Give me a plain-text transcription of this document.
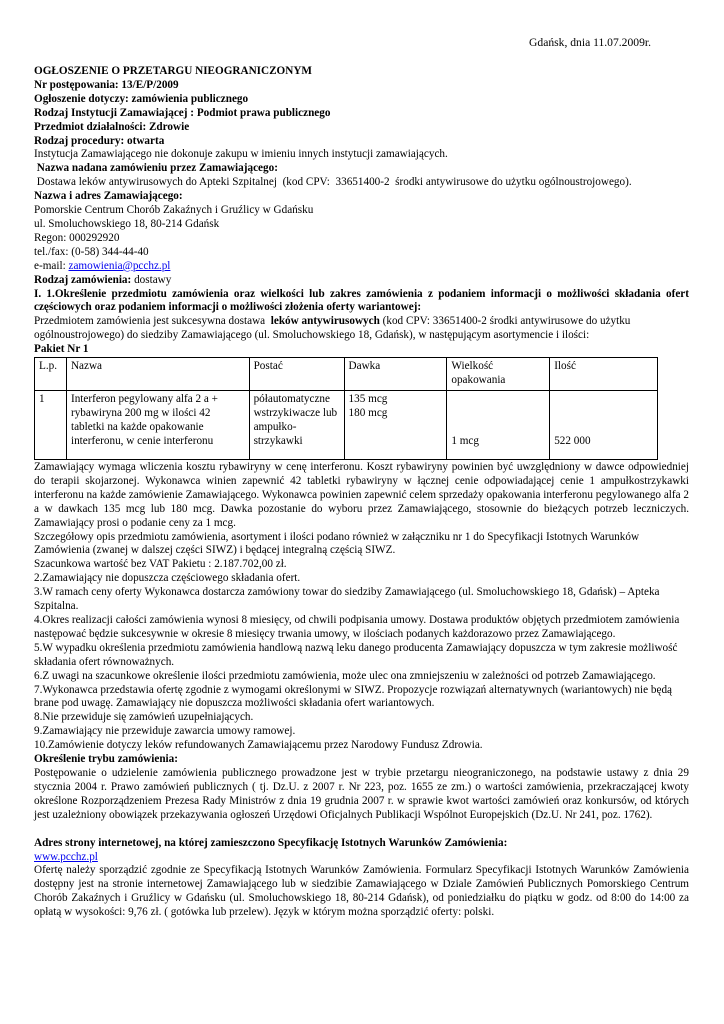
Gdańsk, dnia 11.07.2009r.

OGŁOSZENIE O PRZETARGU NIEOGRANICZONYM

Nr postępowania: 13/E/P/2009

Ogłoszenie dotyczy: zamówienia publicznego

Rodzaj Instytucji Zamawiającej : Podmiot prawa publicznego

Przedmiot działalności: Zdrowie

Rodzaj procedury: otwarta

Instytucja Zamawiającego nie dokonuje zakupu w imieniu innych instytucji zamawiających.

Nazwa nadana zamówieniu przez Zamawiającego:

Dostawa leków antywirusowych do Apteki Szpitalnej  (kod CPV:  33651400-2  środki antywirusowe do użytku ogólnoustrojowego).

Nazwa i adres Zamawiającego:

Pomorskie Centrum Chorób Zakaźnych i Gruźlicy w Gdańsku

ul. Smoluchowskiego 18, 80-214 Gdańsk

Regon: 000292920

tel./fax: (0-58) 344-44-40

e-mail: zamowienia@pcchz.pl

Rodzaj zamówienia: dostawy

I. 1.Określenie przedmiotu zamówienia oraz wielkości lub zakres zamówienia z podaniem informacji o możliwości składania ofert częściowych oraz podaniem informacji o możliwości złożenia oferty wariantowej:

Przedmiotem zamówienia jest sukcesywna dostawa  leków antywirusowych (kod CPV: 33651400-2 środki antywirusowe do użytku ogólnoustrojowego) do siedziby Zamawiającego (ul. Smoluchowskiego 18, Gdańsk), w następującym asortymencie i ilości:

Pakiet Nr 1

L.p.	Nazwa	Postać	Dawka	Wielkość opakowania	Ilość
1	Interferon pegylowany alfa 2 a + rybawiryna 200 mg w ilości 42 tabletki na każde opakowanie interferonu, w cenie interferonu	półautomatyczne wstrzykiwacze lub ampułko-strzykawki	135 mcg
180 mcg	1 mcg	522 000

Zamawiający wymaga wliczenia kosztu rybawiryny w cenę interferonu. Koszt rybawiryny powinien być uwzględniony w dawce odpowiedniej do terapii skojarzonej. Wykonawca winien zapewnić 42 tabletki rybawiryny w łącznej cenie odpowiadającej cenie 1 ampułkostrzykawki interferonu na każde zamówienie Zamawiającego. Wykonawca powinien zapewnić celem sprzedaży opakowania interferonu pegylowanego alfa 2 a w dawkach 135 mcg lub 180 mcg. Dawka pozostanie do wyboru przez Zamawiającego, stosownie do bieżących potrzeb leczniczych. Zamawiający prosi o podanie ceny za 1 mcg.

Szczegółowy opis przedmiotu zamówienia, asortyment i ilości podano również w załączniku nr 1 do Specyfikacji Istotnych Warunków Zamówienia (zwanej w dalszej części SIWZ) i będącej integralną częścią SIWZ.

Szacunkowa wartość bez VAT Pakietu : 2.187.702,00 zł.

2.Zamawiający nie dopuszcza częściowego składania ofert.

3.W ramach ceny oferty Wykonawca dostarcza zamówiony towar do siedziby Zamawiającego (ul. Smoluchowskiego 18, Gdańsk) – Apteka Szpitalna.

4.Okres realizacji całości zamówienia wynosi 8 miesięcy, od chwili podpisania umowy. Dostawa produktów objętych przedmiotem zamówienia następować będzie sukcesywnie w okresie 8 miesięcy trwania umowy, w ilościach podanych każdorazowo przez Zamawiającego.

5.W wypadku określenia przedmiotu zamówienia handlową nazwą leku danego producenta Zamawiający dopuszcza w tym zakresie możliwość składania ofert równoważnych.

6.Z uwagi na szacunkowe określenie ilości przedmiotu zamówienia, może ulec ona zmniejszeniu w zależności od potrzeb Zamawiającego.

7.Wykonawca przedstawia ofertę zgodnie z wymogami określonymi w SIWZ. Propozycje rozwiązań alternatywnych (wariantowych) nie będą brane pod uwagę. Zamawiający nie dopuszcza możliwości składania ofert wariantowych.

8.Nie przewiduje się zamówień uzupełniających.

9.Zamawiający nie przewiduje zawarcia umowy ramowej.

10.Zamówienie dotyczy leków refundowanych Zamawiającemu przez Narodowy Fundusz Zdrowia.

Określenie trybu zamówienia:

Postępowanie o udzielenie zamówienia publicznego prowadzone jest w trybie przetargu nieograniczonego, na podstawie ustawy z dnia 29 stycznia 2004 r. Prawo zamówień publicznych ( tj. Dz.U. z 2007 r. Nr 223, poz. 1655 ze zm.) o wartości zamówienia, przekraczającej kwoty określone Rozporządzeniem Prezesa Rady Ministrów z dnia 19 grudnia 2007 r. w sprawie kwot wartości zamówień oraz konkursów, od których jest uzależniony obowiązek przekazywania ogłoszeń Urzędowi Oficjalnych Publikacji Wspólnot Europejskich (Dz.U. Nr 241, poz. 1762).

Adres strony internetowej, na której zamieszczono Specyfikację Istotnych Warunków Zamówienia:

www.pcchz.pl

Ofertę należy sporządzić zgodnie ze Specyfikacją Istotnych Warunków Zamówienia. Formularz Specyfikacji Istotnych Warunków Zamówienia dostępny jest na stronie internetowej Zamawiającego lub w siedzibie Zamawiającego w Dziale Zamówień Publicznych Pomorskiego Centrum Chorób Zakaźnych i Gruźlicy w Gdańsku (ul. Smoluchowskiego 18, 80-214 Gdańsk), od poniedziałku do piątku w godz. od 8:00 do 14:00 za opłatą w wysokości: 9,76 zł. ( gotówka lub przelew). Język w którym można sporządzić oferty: polski.
